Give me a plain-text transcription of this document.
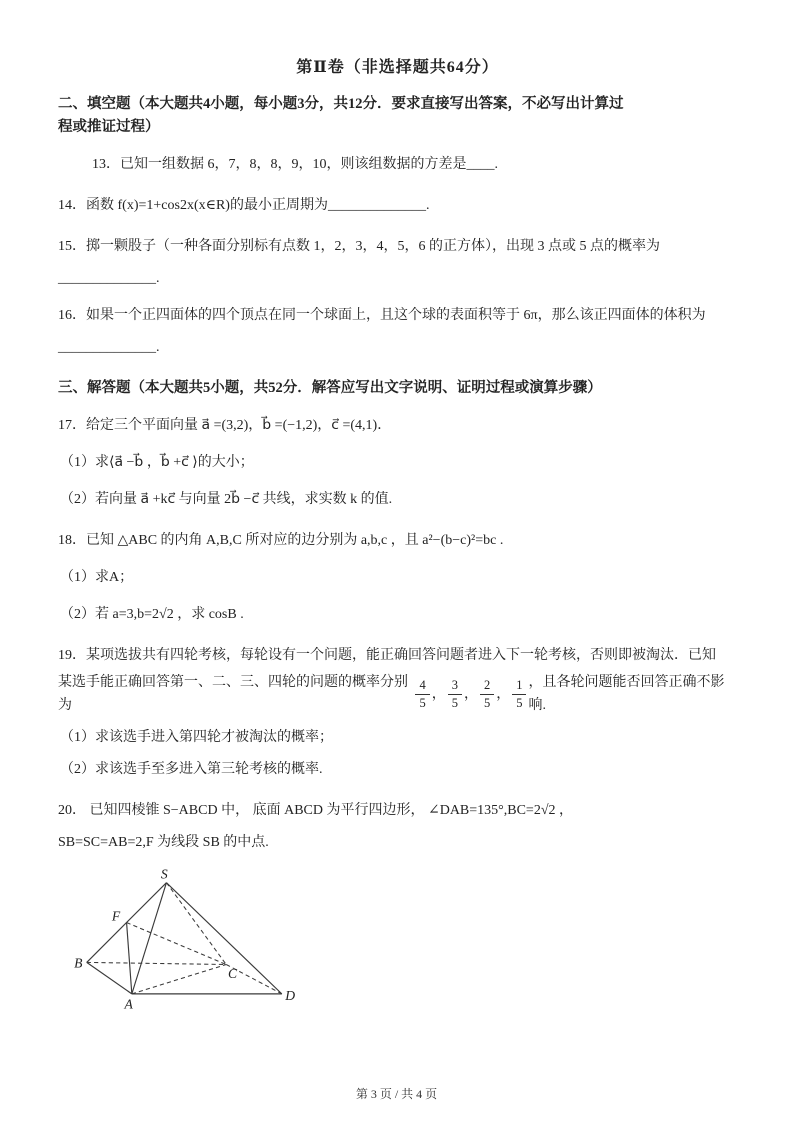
第Ⅱ卷（非选择题共64分）

二、填空题（本大题共4小题，每小题3分，共12分．要求直接写出答案，不必写出计算过

程或推证过程）

13．已知一组数据 6，7，8，8，9，10，则该组数据的方差是____.

14．函数 f(x)=1+cos2x(x∈R)的最小正周期为______________.

15．掷一颗股子（一种各面分别标有点数 1，2，3，4，5，6 的正方体），出现 3 点或 5 点的概率为

______________.

16．如果一个正四面体的四个顶点在同一个球面上，且这个球的表面积等于 6π，那么该正四面体的体积为

______________.

三、解答题（本大题共5小题，共52分．解答应写出文字说明、证明过程或演算步骤）

17．给定三个平面向量 a⃗ =(3,2)，b⃗ =(−1,2)，c⃗ =(4,1)．

（1）求⟨a⃗ −b⃗ ，b⃗ +c⃗ ⟩的大小；

（2）若向量 a⃗ +kc⃗ 与向量 2b⃗ −c⃗ 共线，求实数 k 的值.

18．已知 △ABC 的内角 A,B,C 所对应的边分别为 a,b,c ，且 a²−(b−c)²=bc .

（1）求A；

（2）若 a=3,b=2√2 ，求 cosB .

19．某项选拔共有四轮考核，每轮设有一个问题，能正确回答问题者进入下一轮考核，否则即被淘汰．已知

某选手能正确回答第一、二、三、四轮的问题的概率分别为	$\frac{4}{5}$ ， $\frac{3}{5}$ ， $\frac{2}{5}$ ， $\frac{1}{5}$ ，且各轮问题能否回答正确不影响.

（1）求该选手进入第四轮才被淘汰的概率；

（2）求该选手至多进入第三轮考核的概率.

20． 已知四棱锥 S−ABCD 中， 底面 ABCD 为平行四边形， ∠DAB=135°,BC=2√2 ，

SB=SC=AB=2,F 为线段 SB 的中点.

S
F
B
A
C
D
第 3 页 / 共 4 页
